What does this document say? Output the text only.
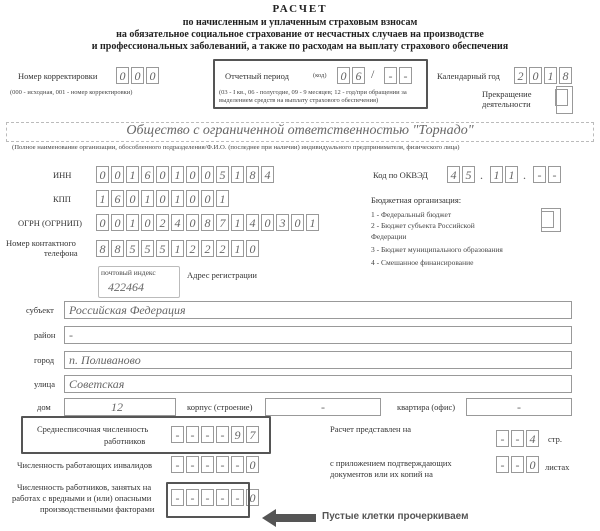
РАСЧЕТ
по начисленным и уплаченным страховым взносам
на обязательное социальное страхование от несчастных случаев на производстве
и профессиональных заболеваний, а также по расходам на выплату страхового обеспечения
Номер корректировки 0 0 0
(000 - исходная, 001 - номер корректировки)
Отчетный период	(код) 0 6 /	- -
(03 - I кв., 06 - полугодие, 09 - 9 месяцев; 12 - год/при обращении за
выделением средств на выплату страхового обеспечения)
Календарный год 2 0 1 8
Прекращение
деятельности
Общество с ограниченной ответственностью "Торнадо"
(Полное наименование организации, обособленного подразделения/Ф.И.О. (последнее при наличии) индивидуального предпринимателя, физического лица)
ИНН 0 0 1 6 0 1 0 0 5 1 8 4
КПП 1 6 0 1 0 1 0 0 1
ОГРН (ОГРНИП) 0 0 1 0 2 4 0 8 7 1 4 0 3 0 1
Номер контактного
телефона 8 8 5 5 5 1 2 2 2 1 0
Код по ОКВЭД 4 5 . 1 1 . - -
Бюджетная организация:
1 - Федеральный бюджет
2 - Бюджет субъекта Российской
Федерации
3 - Бюджет муниципального образования
4 - Смешанное финансирование
почтовый индекс
422464
Адрес регистрации
субъект	Российская Федерация
район	-
город	п. Поливаново
улица	Советская
дом	12	корпус (строение)	-	квартира (офис)	-
Среднесписочная численность
работников	- - - - 9 7
Численность работающих инвалидов	- - - - - 0
Численность работников, занятых на
работах с вредными и (или) опасными
производственными факторами
- - - - - 0
Расчет представлен на
- - 4	стр.
с приложением подтверждающих
документов или их копий на
- - 0	листах
Пустые клетки прочеркиваем
